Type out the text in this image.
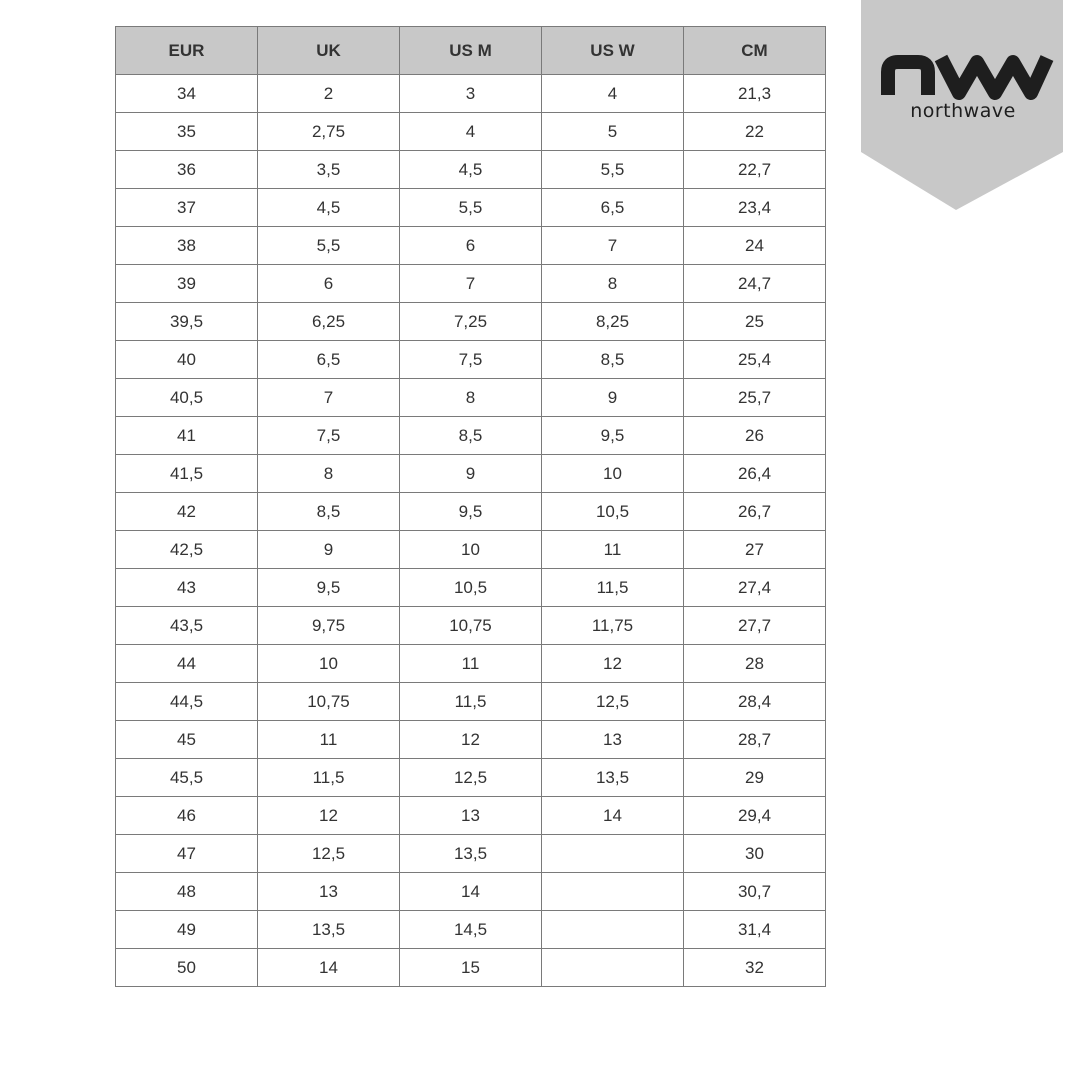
EUR	UK	US M	US W	CM
34	2	3	4	21,3
35	2,75	4	5	22
36	3,5	4,5	5,5	22,7
37	4,5	5,5	6,5	23,4
38	5,5	6	7	24
39	6	7	8	24,7
39,5	6,25	7,25	8,25	25
40	6,5	7,5	8,5	25,4
40,5	7	8	9	25,7
41	7,5	8,5	9,5	26
41,5	8	9	10	26,4
42	8,5	9,5	10,5	26,7
42,5	9	10	11	27
43	9,5	10,5	11,5	27,4
43,5	9,75	10,75	11,75	27,7
44	10	11	12	28
44,5	10,75	11,5	12,5	28,4
45	11	12	13	28,7
45,5	11,5	12,5	13,5	29
46	12	13	14	29,4
47	12,5	13,5		30
48	13	14		30,7
49	13,5	14,5		31,4
50	14	15		32
northwave
